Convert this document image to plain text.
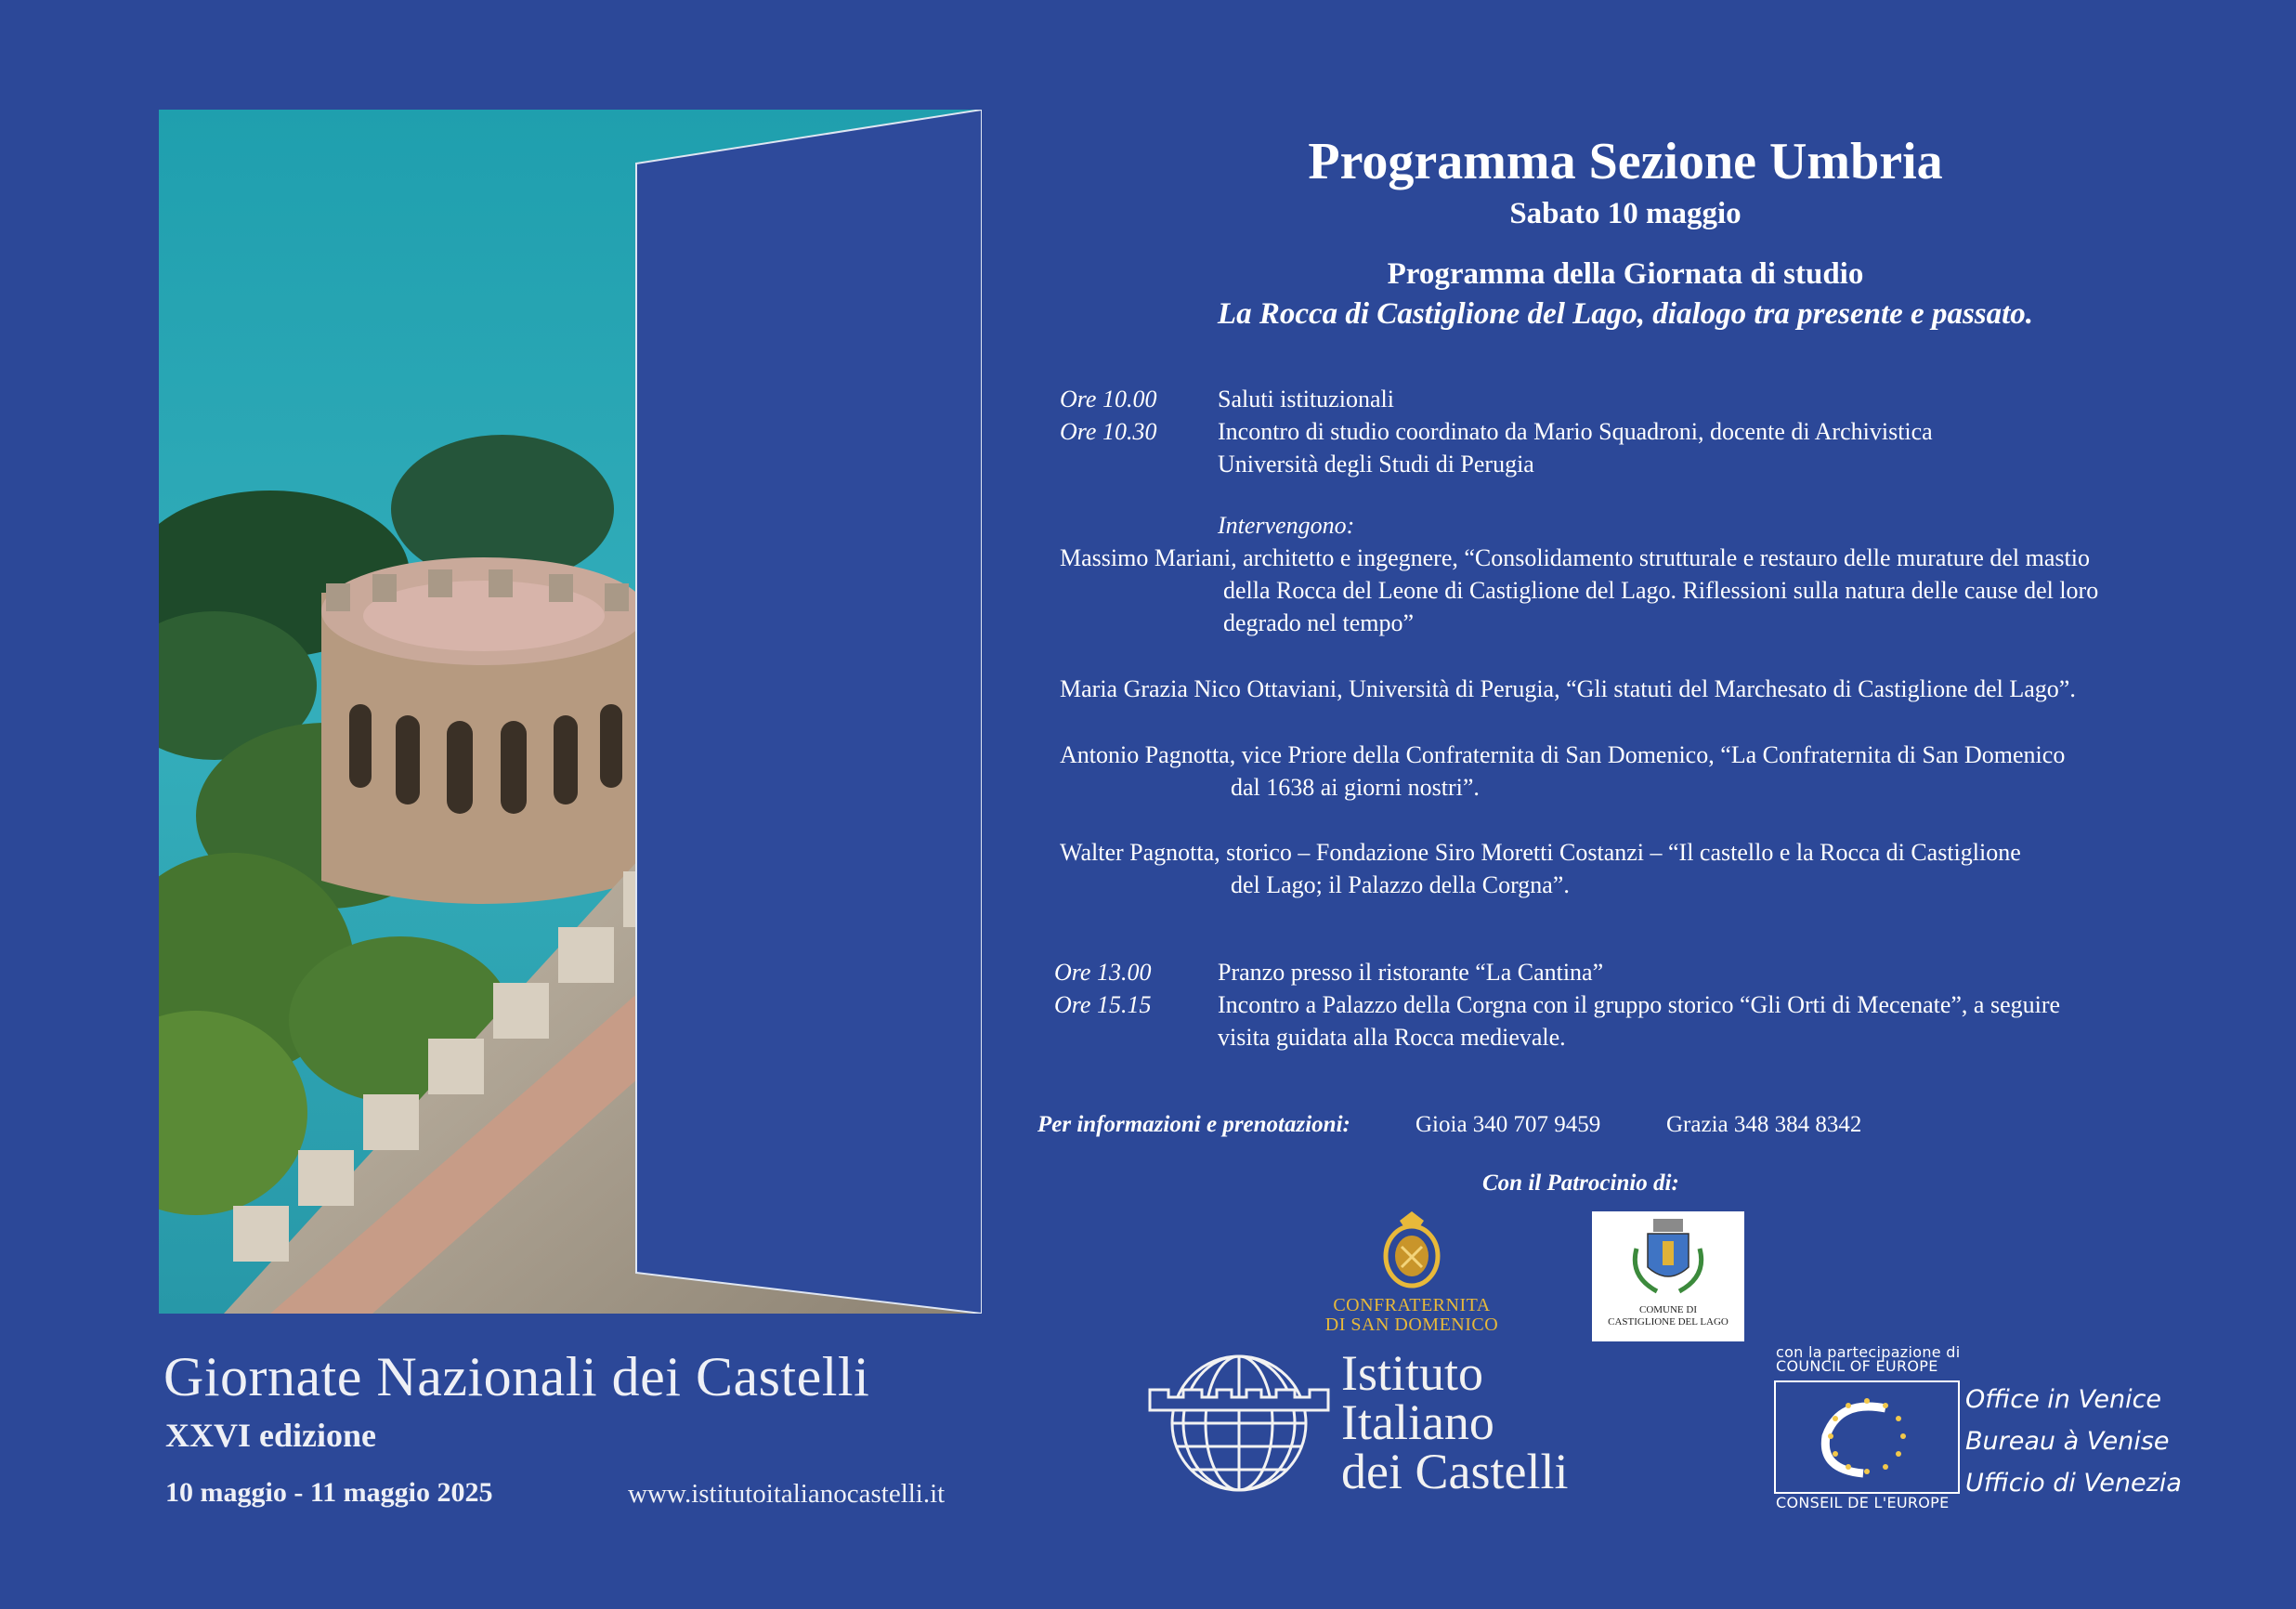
Giornate Nazionali dei Castelli
XXVI edizione
10 maggio - 11 maggio 2025	www.istitutoitalianocastelli.it
Programma Sezione Umbria
Sabato 10 maggio
Programma della Giornata di studio
La Rocca di Castiglione del Lago, dialogo tra presente e passato.
Ore 10.00	Saluti istituzionali
Ore 10.30	Incontro di studio coordinato da Mario Squadroni, docente di Archivistica
Università degli Studi di Perugia
Intervengono:
Massimo Mariani, architetto e ingegnere, “Consolidamento strutturale e restauro delle murature del mastio
della Rocca del Leone di Castiglione del Lago. Riflessioni sulla natura delle cause del loro
degrado nel tempo”
Maria Grazia Nico Ottaviani, Università di Perugia, “Gli statuti del Marchesato di Castiglione del Lago”.
Antonio Pagnotta, vice Priore della Confraternita di San Domenico, “La Confraternita di San Domenico
dal 1638 ai giorni nostri”.
Walter Pagnotta, storico – Fondazione Siro Moretti Costanzi – “Il castello e la Rocca di Castiglione
del Lago; il Palazzo della Corgna”.
Ore 13.00	Pranzo presso il ristorante “La Cantina”
Ore 15.15	Incontro a Palazzo della Corgna con il gruppo storico “Gli Orti di Mecenate”, a seguire
visita guidata alla Rocca medievale.
Per informazioni e prenotazioni:	Gioia 340 707 9459	Grazia 348 384 8342
Con il Patrocinio di:
CONFRATERNITA
DI SAN DOMENICO
COMUNE DI
CASTIGLIONE DEL LAGO
Istituto
Italiano
dei Castelli
con la partecipazione di
COUNCIL OF EUROPE
CONSEIL DE L'EUROPE
Office in Venice
Bureau à Venise
Ufficio di Venezia
